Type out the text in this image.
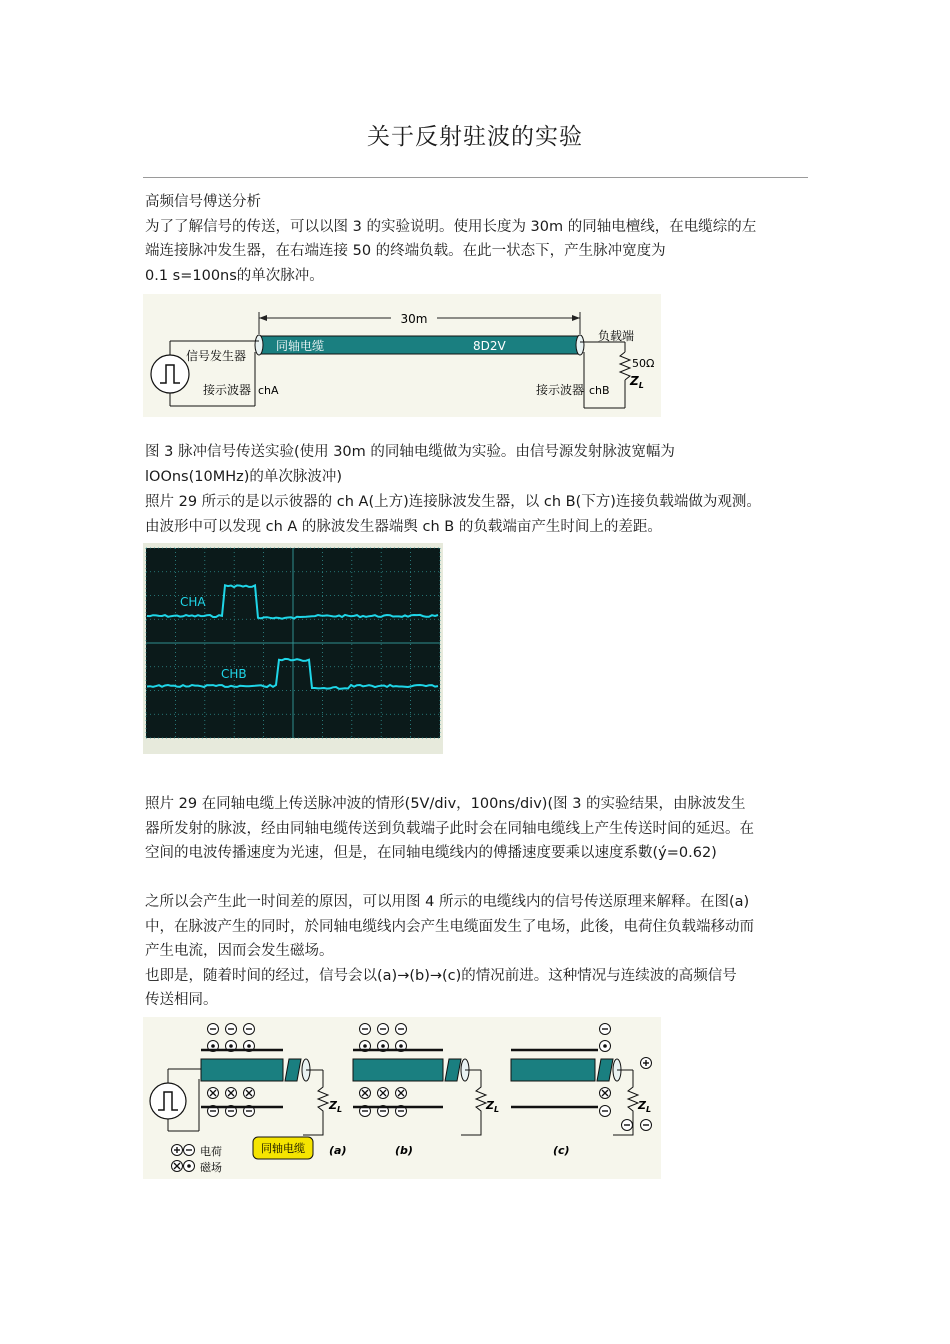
关于反射驻波的实验

高频信号傅送分析

为了了解信号的传送，可以以图 3 的实验说明。使用长度为 30m 的同轴电檀线，在电缆综的左

端连接脉冲发生器，在右端连接 50 的终端负载。在此一状态下，产生脉冲宽度为

0.1 s=100ns的单次脉冲。

30m
同轴电缆	8D2V
信号发生器
接示波器 chA
负载端
50Ω
$Z_L$
接示波器 chB

图 3 脉冲信号传送实验(使用 30m 的同轴电缆做为实验。由信号源发射脉波宽幅为

lOOns(10MHz)的单次脉波冲)

照片 29 所示的是以示彼器的 ch A(上方)连接脉波发生器，以 ch B(下方)连接负载端做为观测。

由波形中可以发现 ch A 的脉波发生器端舆 ch B 的负载端亩产生时间上的差距。

CHA
CHB

照片 29 在同轴电缆上传送脉冲波的情形(5V/div，100ns/div)(图 3 的实验结果，由脉波发生

器所发射的脉波，经由同轴电缆传送到负载端子此时会在同轴电缆线上产生传送时间的延迟。在

空间的电波传播速度为光速，但是，在同轴电缆线内的傅播速度要乘以速度系數(ý=0.62)

之所以会产生此一时间差的原因，可以用图 4 所示的电缆线内的信号传送原理来解释。在图(a)

中，在脉波产生的同时，於同轴电缆线内会产生电缆面发生了电场，此後，电荷住负载端移动而

产生电流，因而会发生磁场。

也即是，随着时间的经过，信号会以(a)→(b)→(c)的情况前进。这种情况与连续波的高频信号

传送相同。

$Z_L$	$Z_L$	$Z_L$
同轴电缆 (a)	(b)	(c)
电荷
磁场
